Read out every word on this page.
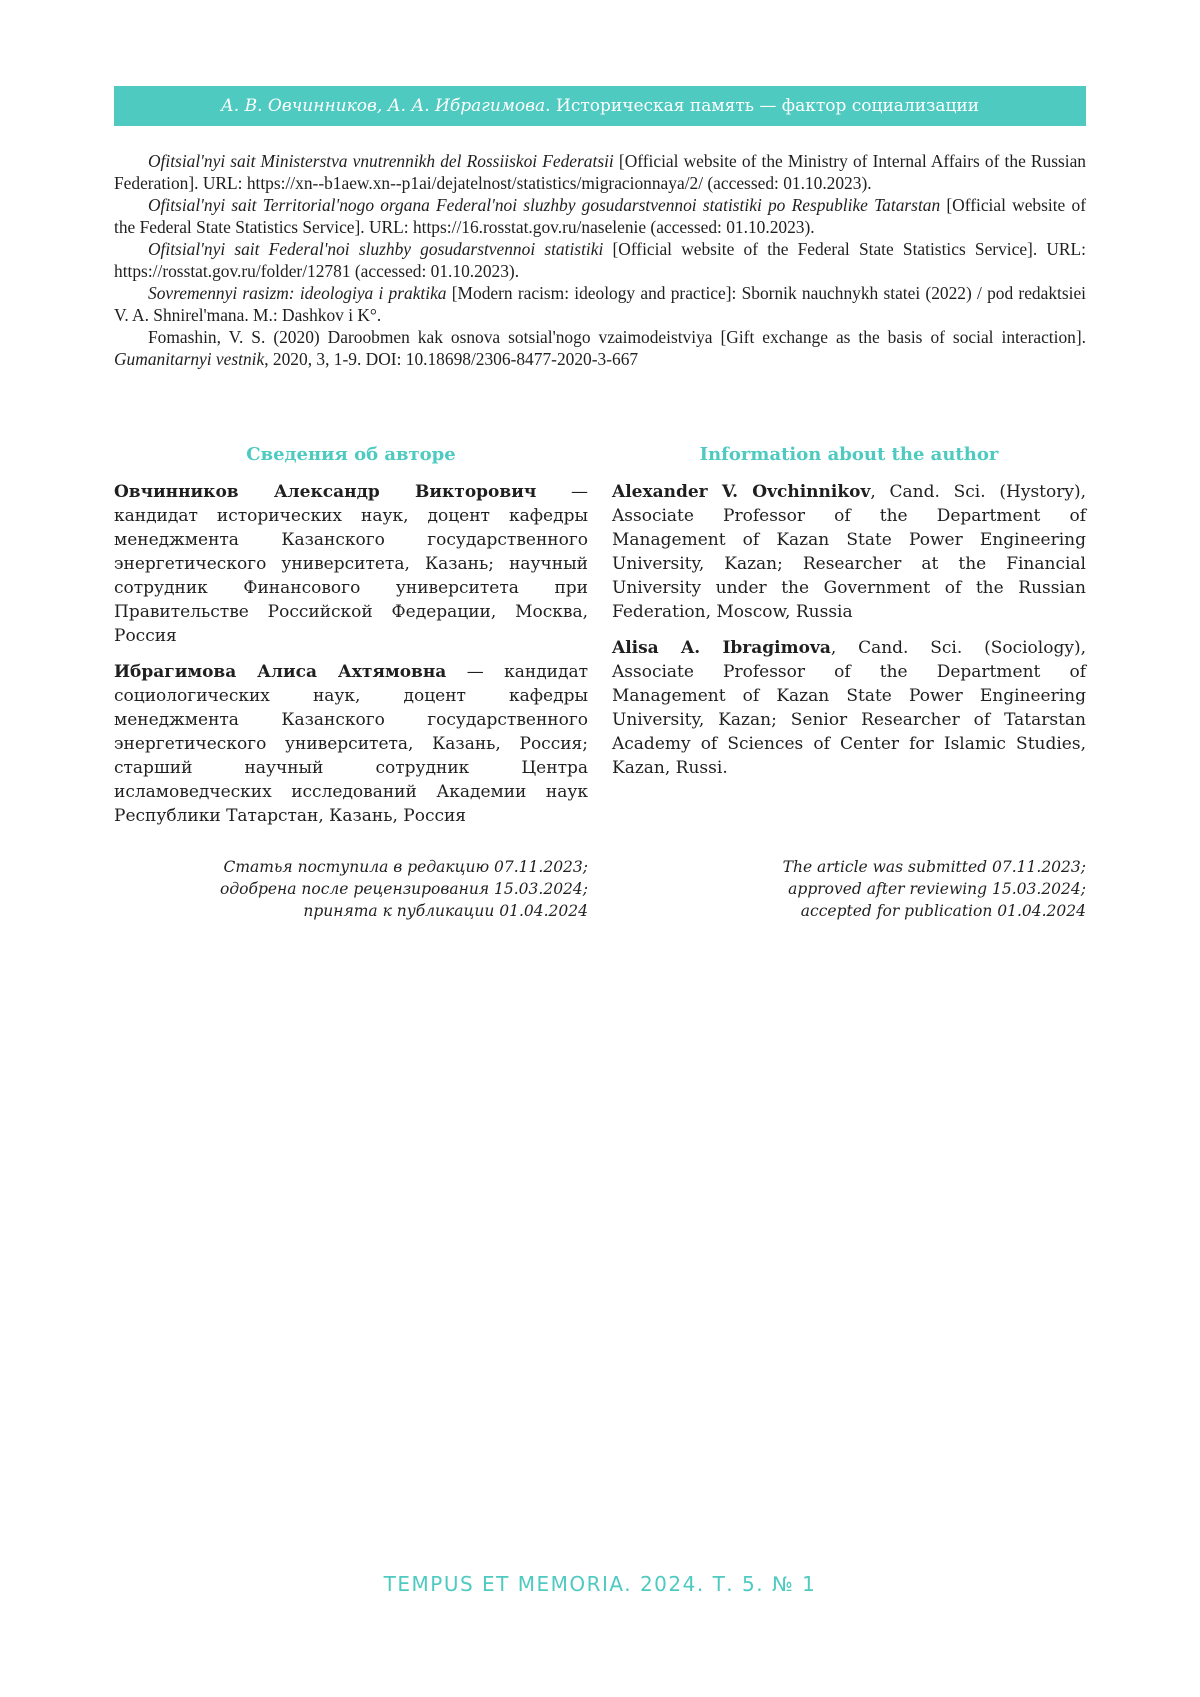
А. В. Овчинников, А. А. Ибрагимова.
Историческая память — фактор социализации

Ofitsial'nyi sait Ministerstva vnutrennikh del Rossiiskoi Federatsii [Official website of the Ministry of Internal Affairs of the Russian Federation]. URL: https://xn--b1aew.xn--p1ai/dejatelnost/statistics/migracionnaya/2/ (accessed: 01.10.2023).

Ofitsial'nyi sait Territorial'nogo organa Federal'noi sluzhby gosudarstvennoi statistiki po Respublike Tatarstan [Official website of the Federal State Statistics Service]. URL: https://16.rosstat.gov.ru/naselenie (accessed: 01.10.2023).

Ofitsial'nyi sait Federal'noi sluzhby gosudarstvennoi statistiki [Official website of the Federal State Statistics Service]. URL: https://rosstat.gov.ru/folder/12781 (accessed: 01.10.2023).

Sovremennyi rasizm: ideologiya i praktika [Modern racism: ideology and practice]: Sbornik nauchnykh statei (2022) / pod redaktsiei V. A. Shnirel'mana. M.: Dashkov i K°.

Fomashin, V. S. (2020) Daroobmen kak osnova sotsial'nogo vzaimodeistviya [Gift exchange as the basis of social interaction]. Gumanitarnyi vestnik, 2020, 3, 1-9. DOI: 10.18698/2306-8477-2020-3-667

Сведения об авторе

Овчинников Александр Викторович — кандидат исторических наук, доцент кафедры менеджмента Казанского государственного энергетического университета, Казань; научный сотрудник Финансового университета при Правительстве Российской Федерации, Москва, Россия

Ибрагимова Алиса Ахтямовна — кандидат социологических наук, доцент кафедры менеджмента Казанского государственного энергетического университета, Казань, Россия; старший научный сотрудник Центра исламоведческих исследований Академии наук Республики Татарстан, Казань, Россия

Information about the author

Alexander V. Ovchinnikov, Cand. Sci. (Hystory), Associate Professor of the Department of Management of Kazan State Power Engineering University, Kazan; Researcher at the Financial University under the Government of the Russian Federation, Moscow, Russia

Alisa A. Ibragimova, Cand. Sci. (Sociology), Associate Professor of the Department of Management of Kazan State Power Engineering University, Kazan; Senior Researcher of Tatarstan Academy of Sciences of Center for Islamic Studies, Kazan, Russi.

Статья поступила в редакцию 07.11.2023;
одобрена после рецензирования 15.03.2024;
принята к публикации 01.04.2024
The article was submitted 07.11.2023;
approved after reviewing 15.03.2024;
accepted for publication 01.04.2024
TEMPUS ET MEMORIA. 2024. Т. 5. № 1
